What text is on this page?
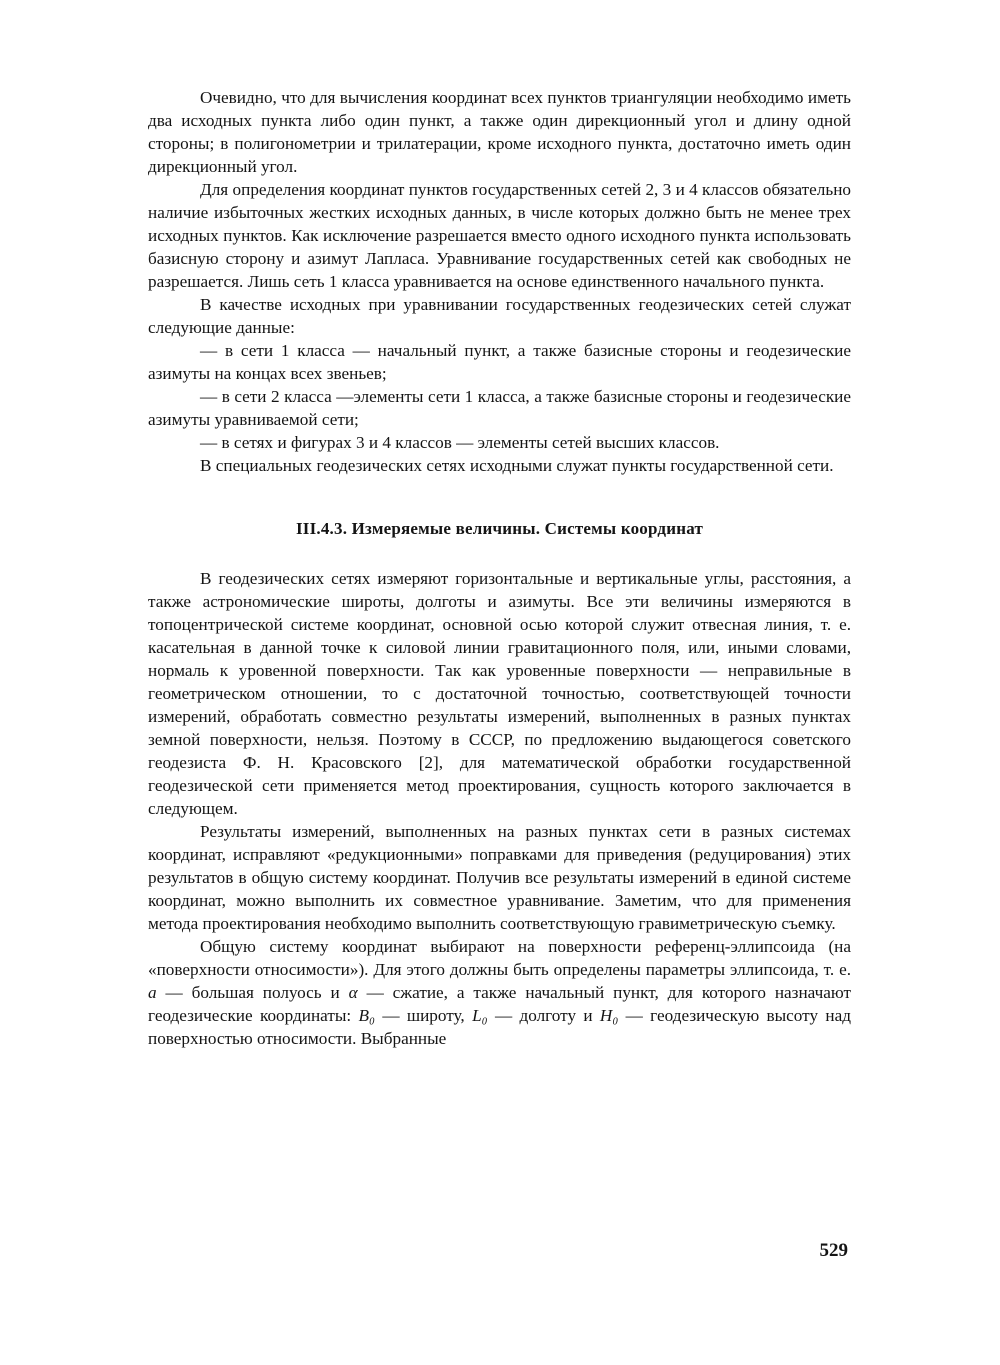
Очевидно, что для вычисления координат всех пунктов триангуляции необходимо иметь два исходных пункта либо один пункт, а также один дирекционный угол и длину одной стороны; в полигонометрии и трилатерации, кроме исходного пункта, достаточно иметь один дирекционный угол.

Для определения координат пунктов государственных сетей 2, 3 и 4 классов обязательно наличие избыточных жестких исходных данных, в числе которых должно быть не менее трех исходных пунктов. Как исключение разрешается вместо одного исходного пункта использовать базисную сторону и азимут Лапласа. Уравнивание государственных сетей как свободных не разрешается. Лишь сеть 1 класса уравнивается на основе единственного начального пункта.

В качестве исходных при уравнивании государственных геодезических сетей служат следующие данные:

— в сети 1 класса — начальный пункт, а также базисные стороны и геодезические азимуты на концах всех звеньев;

— в сети 2 класса —элементы сети 1 класса, а также базисные стороны и геодезические азимуты уравниваемой сети;

— в сетях и фигурах 3 и 4 классов — элементы сетей высших классов.

В специальных геодезических сетях исходными служат пункты государственной сети.

III.4.3. Измеряемые величины. Системы координат

В геодезических сетях измеряют горизонтальные и вертикальные углы, расстояния, а также астрономические широты, долготы и азимуты. Все эти величины измеряются в топоцентрической системе координат, основной осью которой служит отвесная линия, т. е. касательная в данной точке к силовой линии гравитационного поля, или, иными словами, нормаль к уровенной поверхности. Так как уровенные поверхности — неправильные в геометрическом отношении, то с достаточной точностью, соответствующей точности измерений, обработать совместно результаты измерений, выполненных в разных пунктах земной поверхности, нельзя. Поэтому в СССР, по предложению выдающегося советского геодезиста Ф. Н. Красовского [2], для математической обработки государственной геодезической сети применяется метод проектирования, сущность которого заключается в следующем.

Результаты измерений, выполненных на разных пунктах сети в разных системах координат, исправляют «редукционными» поправками для приведения (редуцирования) этих результатов в общую систему координат. Получив все результаты измерений в единой системе координат, можно выполнить их совместное уравнивание. Заметим, что для применения метода проектирования необходимо выполнить соответствующую гравиметрическую съемку.

Общую систему координат выбирают на поверхности референц-эллипсоида (на «поверхности относимости»). Для этого должны быть определены параметры эллипсоида, т. е. a — большая полуось и α — сжатие, а также начальный пункт, для которого назначают геодезические координаты: B₀ — широту, L₀ — долготу и H₀ — геодезическую высоту над поверхностью относимости. Выбранные

529
